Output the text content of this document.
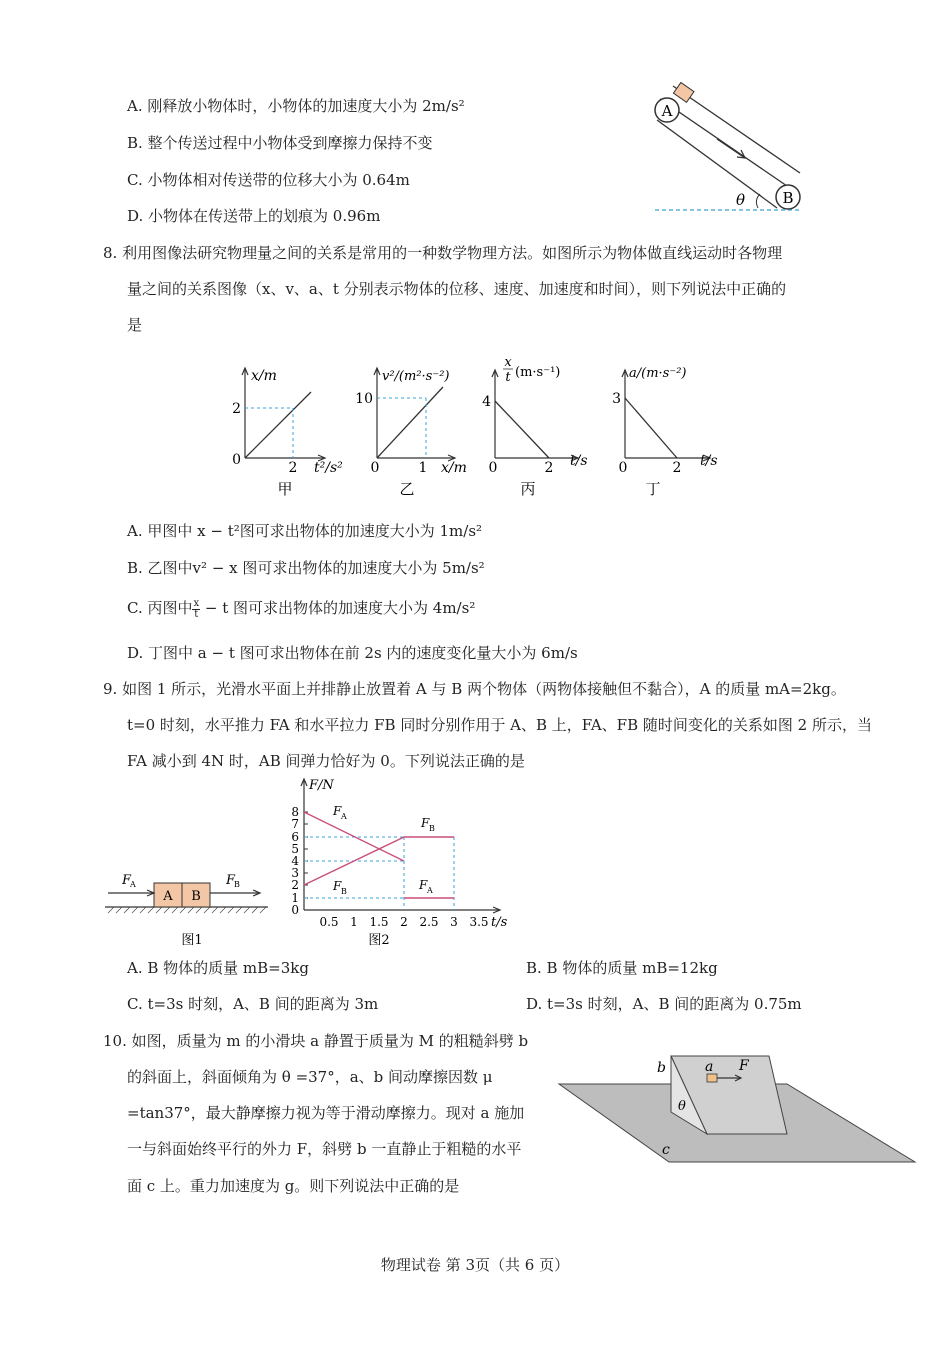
A. 刚释放小物体时，小物体的加速度大小为 2m/s²
B. 整个传送过程中小物体受到摩擦力保持不变
C. 小物体相对传送带的位移大小为 0.64m
D. 小物体在传送带上的划痕为 0.96m
A
B
θ
8. 利用图像法研究物理量之间的关系是常用的一种数学物理方法。如图所示为物体做直线运动时各物理
量之间的关系图像（x、v、a、t 分别表示物体的位移、速度、加速度和时间），则下列说法中正确的
是
x/m
2
0	2 t²/s²
甲
v²/(m²·s⁻²)
10
0	1 x/m
乙
x
t (m·s⁻¹)
4
0	2 t/s
丙
a/(m·s⁻²)
3
0	2 t/s
丁
A. 甲图中 x − t²图可求出物体的加速度大小为 1m/s²
B. 乙图中v² − x 图可求出物体的加速度大小为 5m/s²
C. 丙图中 $\frac{x}{t} - t$ 图可求出物体的加速度大小为 4m/s²
D. 丁图中 a − t 图可求出物体在前 2s 内的速度变化量大小为 6m/s
9. 如图 1 所示，光滑水平面上并排静止放置着 A 与 B 两个物体（两物体接触但不黏合），A 的质量 mA=2kg。
t=0 时刻，水平推力 FA 和水平拉力 FB 同时分别作用于 A、B 上，FA、FB 随时间变化的关系如图 2 所示，当
FA 减小到 4N 时，AB 间弹力恰好为 0。下列说法正确的是
A B
F
A	F
B
图1
F/N
t/s
0
1
2
3
4
5
6
7
8
0.5 1 1.5 2 2.5 3 3.5
F A	F B
F B	F A
图2
A. B 物体的质量 mB=3kg	B. B 物体的质量 mB=12kg
C. t=3s 时刻，A、B 间的距离为 3m	D. t=3s 时刻，A、B 间的距离为 0.75m
10. 如图，质量为 m 的小滑块 a 静置于质量为 M 的粗糙斜劈 b
的斜面上，斜面倾角为 θ =37°，a、b 间动摩擦因数 μ
=tan37°，最大静摩擦力视为等于滑动摩擦力。现对 a 施加
一与斜面始终平行的外力 F，斜劈 b 一直静止于粗糙的水平
面 c 上。重力加速度为 g。则下列说法中正确的是
a F
b
θ
c
物理试卷 第 3页（共 6 页）
